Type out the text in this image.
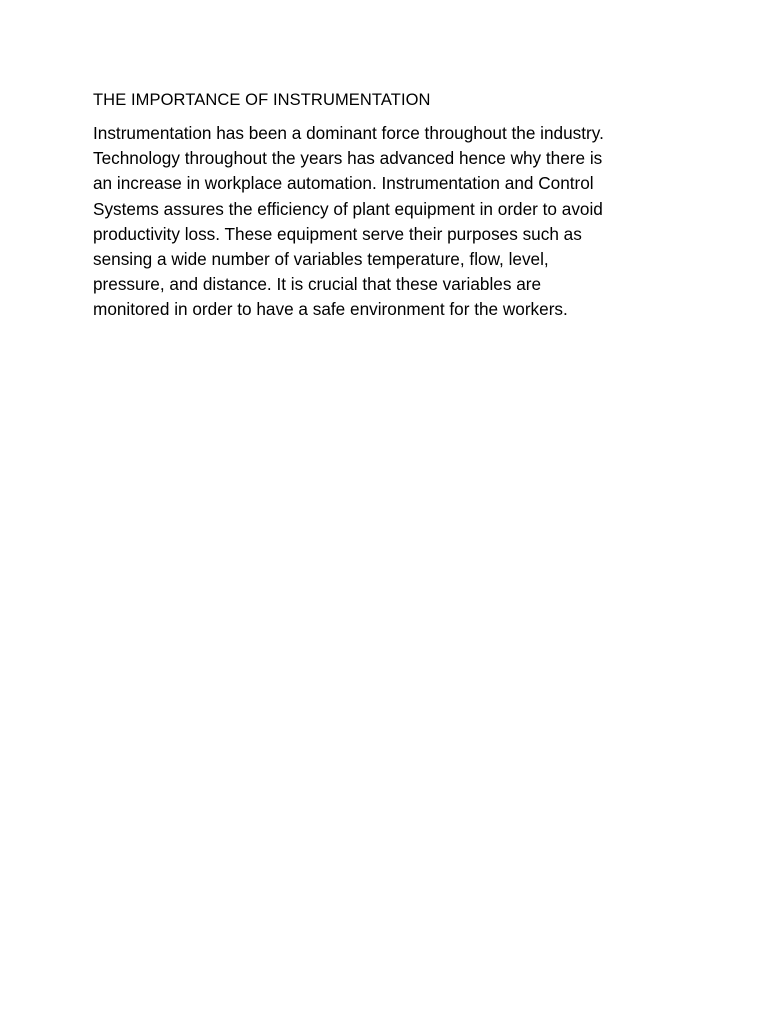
THE IMPORTANCE OF INSTRUMENTATION

Instrumentation has been a dominant force throughout the industry.
Technology throughout the years has advanced hence why there is
an increase in workplace automation. Instrumentation and Control
Systems assures the efficiency of plant equipment in order to avoid
productivity loss. These equipment serve their purposes such as
sensing a wide number of variables temperature, flow, level,
pressure, and distance. It is crucial that these variables are
monitored in order to have a safe environment for the workers.
